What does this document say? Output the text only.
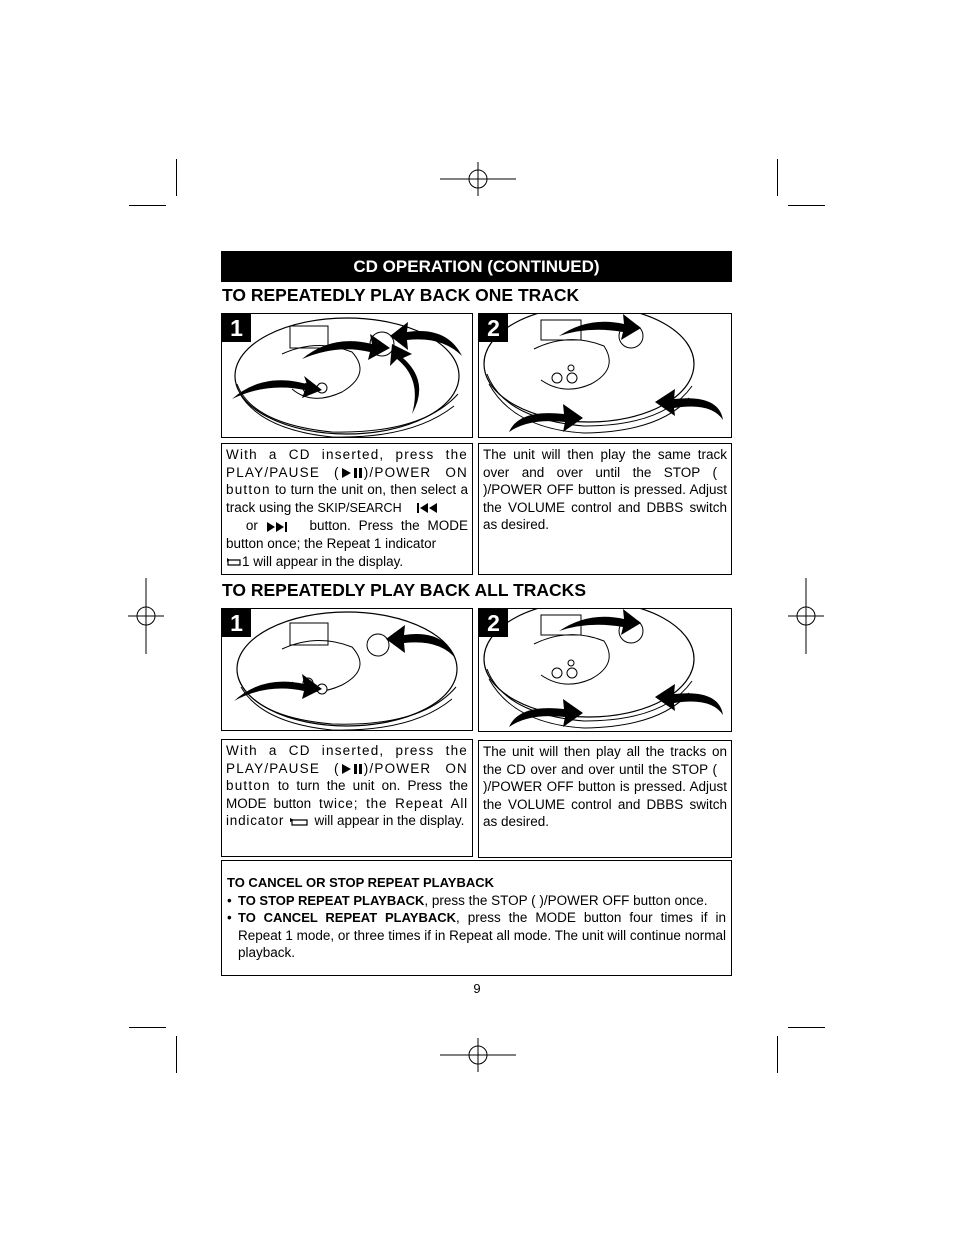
CD OPERATION (CONTINUED)
TO REPEATEDLY PLAY BACK ONE TRACK
1	2
With a CD inserted, press the PLAY/PAUSE ( )/POWER ON button to turn the unit on, then select a track using the SKIP/SEARCH
or	button. Press the MODE button once; the Repeat 1 indicator
1 will appear in the display.
The unit will then play the same track over and over until the STOP ()/POWER OFF button is pressed. Adjust the VOLUME control and DBBS switch as desired.
TO REPEATEDLY PLAY BACK ALL TRACKS
1	2
With a CD inserted, press the PLAY/PAUSE ( )/POWER ON button to turn the unit on. Press the MODE button twice; the Repeat All indicator  will appear in the display.
The unit will then play all the tracks on the CD over and over until the STOP ()/POWER OFF button is pressed. Adjust the VOLUME control and DBBS switch as desired.
TO CANCEL OR STOP REPEAT PLAYBACK
• TO STOP REPEAT PLAYBACK, press the STOP ( )/POWER OFF button once.
• TO CANCEL REPEAT PLAYBACK, press the MODE button four times if in Repeat 1 mode, or three times if in Repeat all mode. The unit will continue normal playback.
9
